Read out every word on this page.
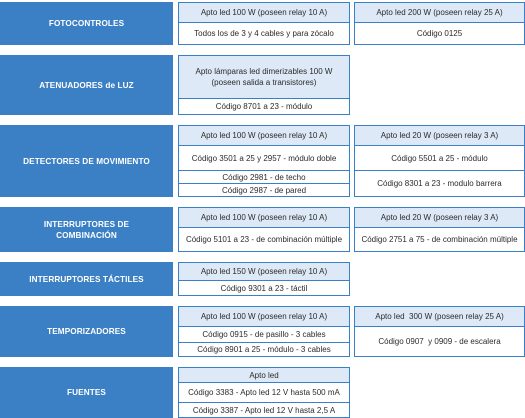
FOTOCONTROLES
Apto led 100 W (poseen relay 10 A)
Todos los de 3 y 4 cables y para zócalo
Apto led 200 W (poseen relay 25 A)
Código 0125
ATENUADORES de LUZ
Apto lámparas led dimerizables 100 W (poseen salida a transistores)
Código 8701 a 23 - módulo
DETECTORES DE MOVIMIENTO
Apto led 100 W (poseen relay 10 A)
Código 3501 a 25 y 2957 - módulo doble
Código 2981 - de techo
Código 2987 - de pared
Apto led 20 W (poseen relay 3 A)
Código 5501 a 25 - módulo
Código 8301 a 23 - modulo barrera
INTERRUPTORES DE COMBINACIÓN
Apto led 100 W (poseen relay 10 A)
Código 5101 a 23 - de combinación múltiple
Apto led 20 W (poseen relay 3 A)
Código 2751 a 75 - de combinación múltiple
INTERRUPTORES TÁCTILES
Apto led 150 W (poseen relay 10 A)
Código 9301 a 23 - táctil
TEMPORIZADORES
Apto led 100 W (poseen relay 10 A)
Código 0915 - de pasillo - 3 cables
Código 8901 a 25 - módulo - 3 cables
Apto led  300 W (poseen relay 25 A)
Código 0907  y 0909 - de escalera
FUENTES
Apto led
Código 3383 - Apto led 12 V hasta 500 mA
Código 3387 - Apto led 12 V hasta 2,5 A
